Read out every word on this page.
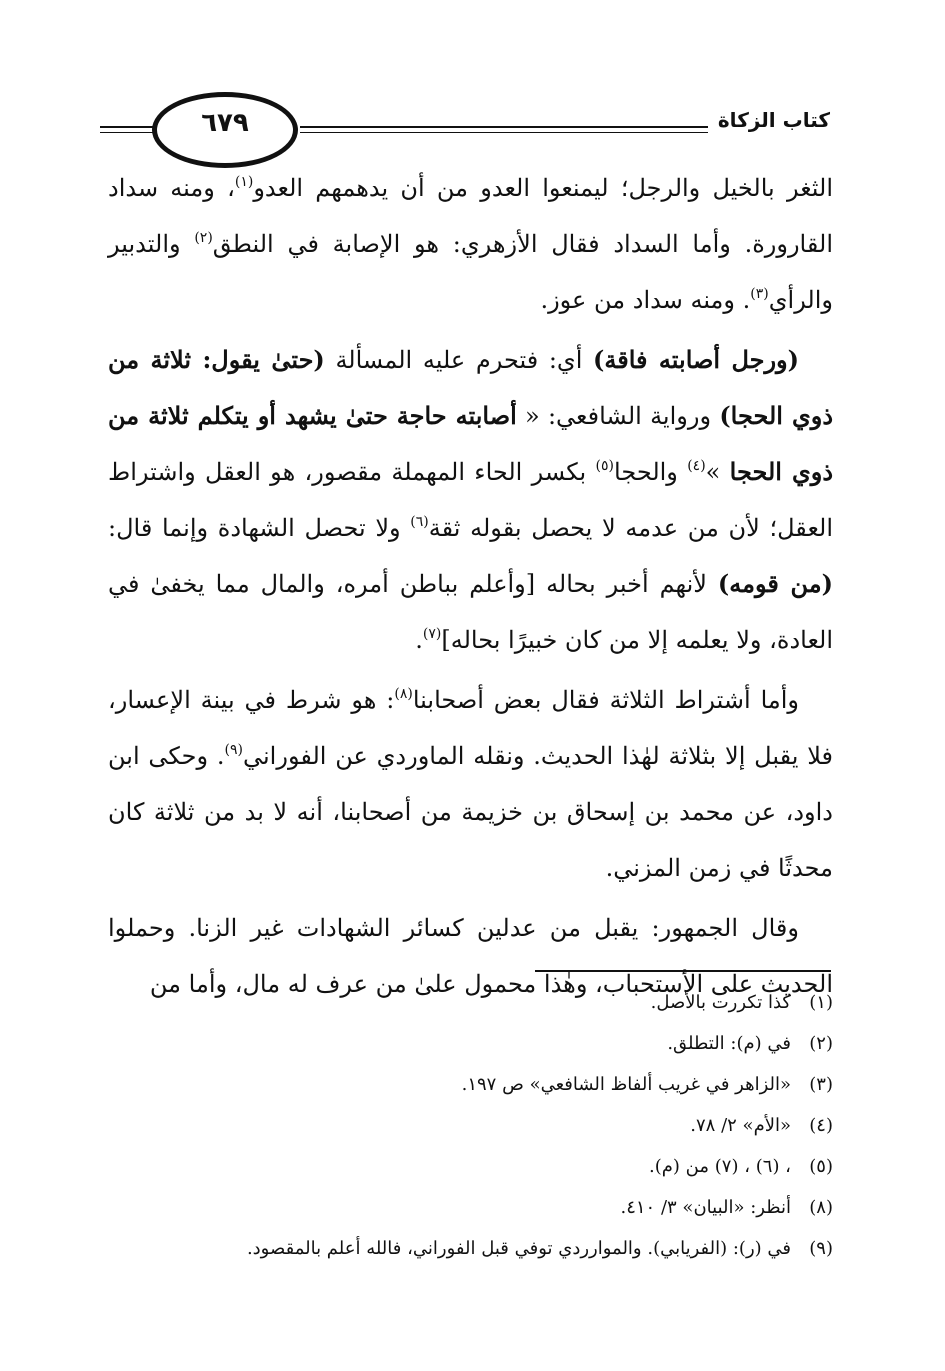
٦٧٩	كتاب الزكاة

الثغر بالخيل والرجل؛ ليمنعوا العدو من أن يدهمهم العدو$^{(١)}$، ومنه سداد القارورة. وأما السداد فقال الأزهري: هو الإصابة في النطق$^{(٢)}$ والتدبير والرأي$^{(٣)}$. ومنه سداد من عوز.

(ورجل أصابته فاقة) أي: فتحرم عليه المسألة (حتىٰ يقول: ثلاثة من ذوي الحجا) ورواية الشافعي: « أصابته حاجة حتىٰ يشهد أو يتكلم ثلاثة من ذوي الحجا »$^{(٤)}$ والحجا$^{(٥)}$ بكسر الحاء المهملة مقصور، هو العقل واشتراط العقل؛ لأن من عدمه لا يحصل بقوله ثقة$^{(٦)}$ ولا تحصل الشهادة وإنما قال: (من قومه) لأنهم أخبر بحاله [وأعلم بباطن أمره، والمال مما يخفىٰ في العادة، ولا يعلمه إلا من كان خبيرًا بحاله]$^{(٧)}$.

وأما أشتراط الثلاثة فقال بعض أصحابنا$^{(٨)}$: هو شرط في بينة الإعسار، فلا يقبل إلا بثلاثة لهٰذا الحديث. ونقله الماوردي عن الفوراني$^{(٩)}$. وحكى ابن داود، عن محمد بن إسحاق بن خزيمة من أصحابنا، أنه لا بد من ثلاثة كان محدثًا في زمن المزني.

وقال الجمهور: يقبل من عدلين كسائر الشهادات غير الزنا. وحملوا الحديث على الأستحباب، وهٰذا محمول علىٰ من عرف له مال، وأما من

(١)كذا تكررت بالأصل.
(٢)في (م): التطلق.
(٣)«الزاهر في غريب ألفاظ الشافعي» ص ١٩٧.
(٤)«الأم» ٢/ ٧٨.
(٥)، (٦) ، (٧) من (م).
(٨)أنظر: «البيان» ٣/ ٤١٠.
(٩)في (ر): (الفريابي). والموارردي توفي قبل الفوراني، فالله أعلم بالمقصود.
